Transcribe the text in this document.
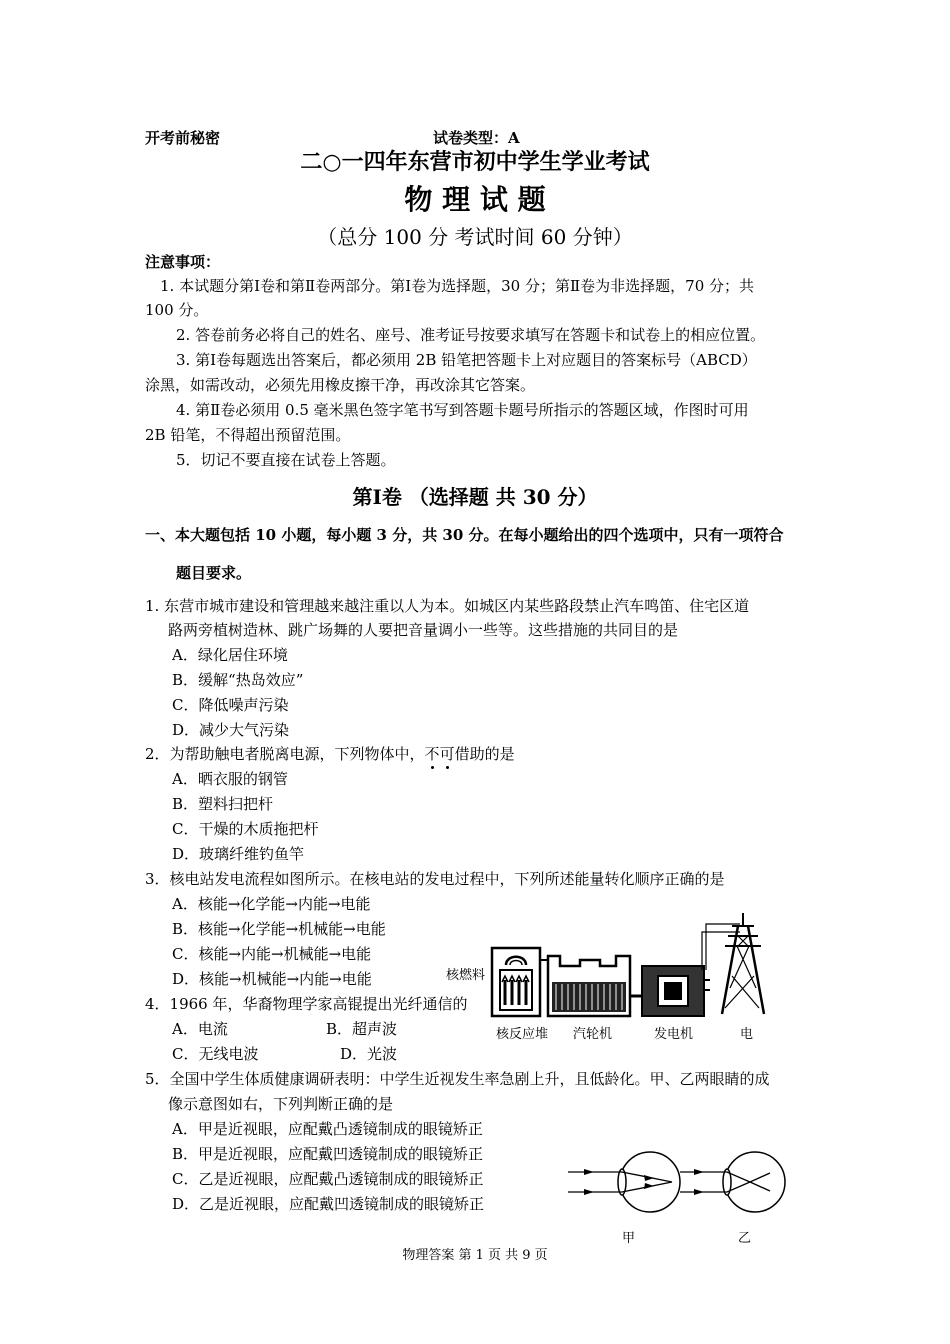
开考前秘密	试卷类型：A
二○一四年东营市初中学生学业考试
物 理 试 题
（总分 100 分 考试时间 60 分钟）
注意事项：
1. 本试题分第Ⅰ卷和第Ⅱ卷两部分。第Ⅰ卷为选择题，30 分；第Ⅱ卷为非选择题，70 分；共
100 分。
2. 答卷前务必将自己的姓名、座号、准考证号按要求填写在答题卡和试卷上的相应位置。
3. 第Ⅰ卷每题选出答案后，都必须用 2B 铅笔把答题卡上对应题目的答案标号（ABCD）
涂黑，如需改动，必须先用橡皮擦干净，再改涂其它答案。
4. 第Ⅱ卷必须用 0.5 毫米黑色签字笔书写到答题卡题号所指示的答题区域，作图时可用
2B 铅笔，不得超出预留范围。
5．切记不要直接在试卷上答题。
第Ⅰ卷 （选择题 共 30 分）
一、本大题包括 10 小题，每小题 3 分，共 30 分。在每小题给出的四个选项中，只有一项符合
题目要求。
1. 东营市城市建设和管理越来越注重以人为本。如城区内某些路段禁止汽车鸣笛、住宅区道
路两旁植树造林、跳广场舞的人要把音量调小一些等。这些措施的共同目的是
A．绿化居住环境
B．缓解“热岛效应”
C．降低噪声污染
D．减少大气污染
2．为帮助触电者脱离电源，下列物体中，不可借助的是
A．晒衣服的钢管
B．塑料扫把杆
C．干燥的木质拖把杆
D．玻璃纤维钓鱼竿
3．核电站发电流程如图所示。在核电站的发电过程中，下列所述能量转化顺序正确的是
A．核能→化学能→内能→电能
B．核能→化学能→机械能→电能
C．核能→内能→机械能→电能
D．核能→机械能→内能→电能	核燃料
核反应堆 汽轮机	发电机	电
4．1966 年，华裔物理学家高锟提出光纤通信的
A．电流	B．超声波
C．无线电波	D．光波
5．全国中学生体质健康调研表明：中学生近视发生率急剧上升，且低龄化。甲、乙两眼睛的成
像示意图如右，下列判断正确的是
A．甲是近视眼，应配戴凸透镜制成的眼镜矫正
B．甲是近视眼，应配戴凹透镜制成的眼镜矫正
C．乙是近视眼，应配戴凸透镜制成的眼镜矫正
D．乙是近视眼，应配戴凹透镜制成的眼镜矫正
甲	乙
物理答案 第 1 页 共 9 页
